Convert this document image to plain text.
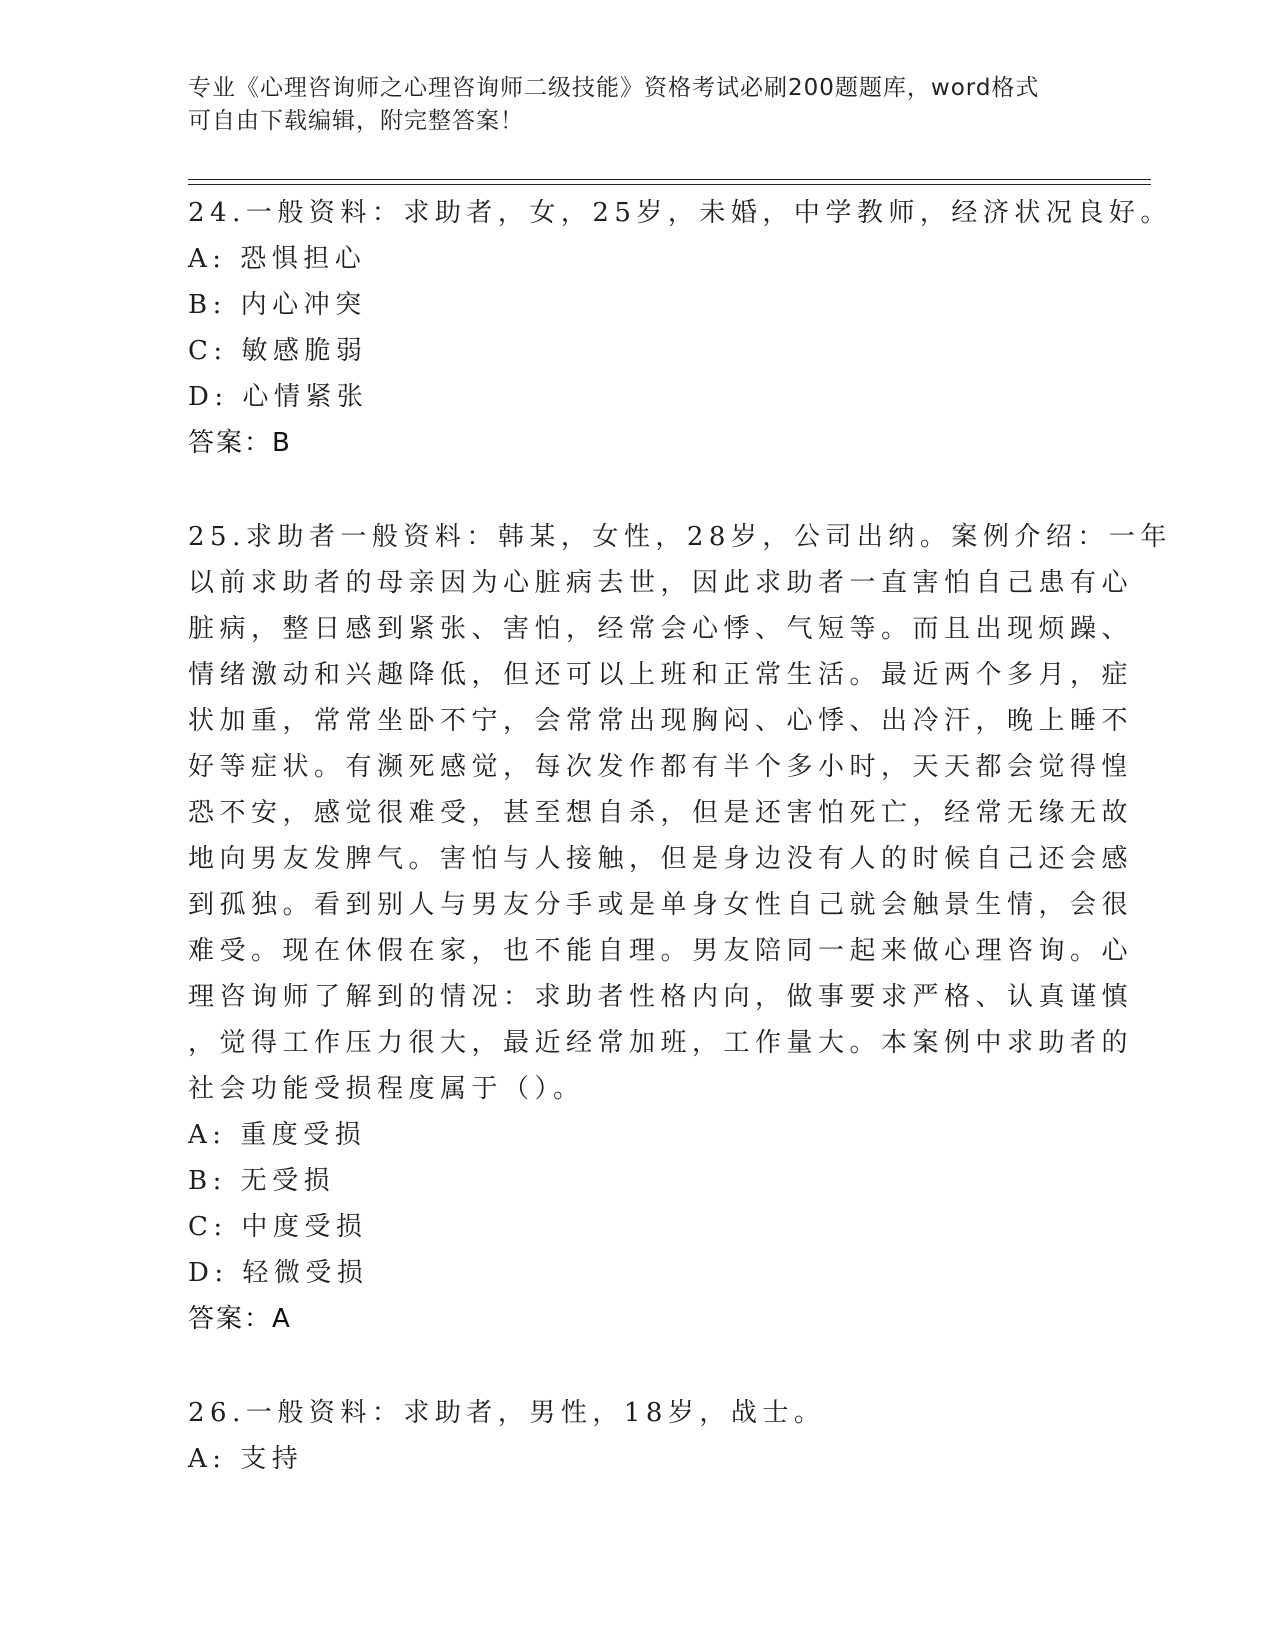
专业《心理咨询师之心理咨询师二级技能》资格考试必刷200题题库，word格式
可自由下载编辑，附完整答案！
24.一般资料：求助者，女，25岁，未婚，中学教师，经济状况良好。
A: 恐惧担心
B: 内心冲突
C: 敏感脆弱
D: 心情紧张
答案：B
25.求助者一般资料：韩某，女性，28岁，公司出纳。案例介绍：一年
以前求助者的母亲因为心脏病去世，因此求助者一直害怕自己患有心
脏病，整日感到紧张、害怕，经常会心悸、气短等。而且出现烦躁、
情绪激动和兴趣降低，但还可以上班和正常生活。最近两个多月，症
状加重，常常坐卧不宁，会常常出现胸闷、心悸、出冷汗，晚上睡不
好等症状。有濒死感觉，每次发作都有半个多小时，天天都会觉得惶
恐不安，感觉很难受，甚至想自杀，但是还害怕死亡，经常无缘无故
地向男友发脾气。害怕与人接触，但是身边没有人的时候自己还会感
到孤独。看到别人与男友分手或是单身女性自己就会触景生情，会很
难受。现在休假在家，也不能自理。男友陪同一起来做心理咨询。心
理咨询师了解到的情况：求助者性格内向，做事要求严格、认真谨慎
，觉得工作压力很大，最近经常加班，工作量大。本案例中求助者的
社会功能受损程度属于（）。
A: 重度受损
B: 无受损
C: 中度受损
D: 轻微受损
答案：A
26.一般资料：求助者，男性，18岁，战士。
A: 支持
